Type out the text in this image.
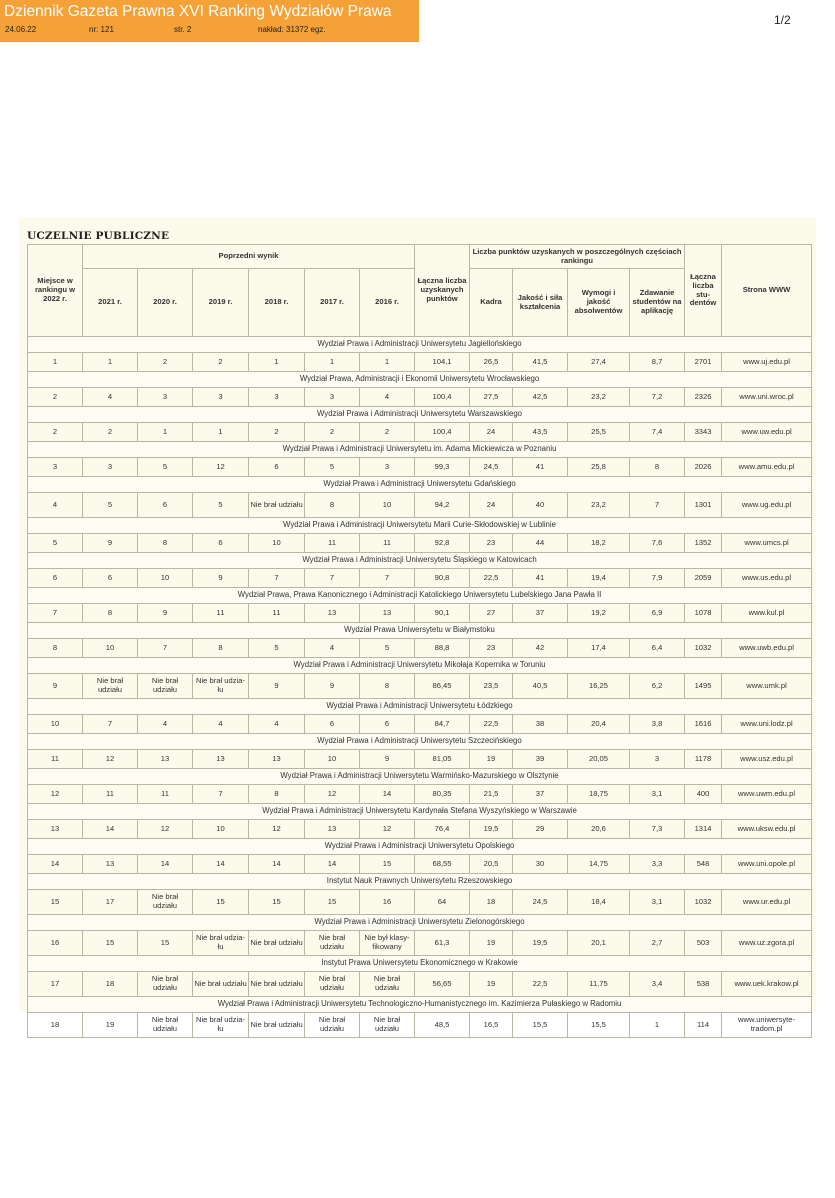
Dziennik Gazeta Prawna XVI Ranking Wydziałów Prawa
24.06.22	nr: 121	str. 2	nakład: 31372 egz.
1/2
UCZELNIE PUBLICZNE
Miejsce w rankingu w 2022 r.	Poprzedni wynik						Łączna liczba uzyskanych punktów	Liczba punktów uzyskanych w poszczególnych częściach rankingu				Łączna liczba stu-dentów	Strona WWW
	2021 r.	2020 r.	2019 r.	2018 r.	2017 r.	2016 r.		Kadra	Jakość i siła kształcenia	Wymogi i jakość absolwentów	Zdawanie studentów na aplikację		

Wydział Prawa i Administracji Uniwersytetu Jagiellońskiego													
1	1	2	2	1	1	1	104,1	26,5	41,5	27,4	8,7	2701	www.uj.edu.pl
Wydział Prawa, Administracji i Ekonomii Uniwersytetu Wrocławskiego													
2	4	3	3	3	3	4	100,4	27,5	42,5	23,2	7,2	2326	www.uni.wroc.pl
Wydział Prawa i Administracji Uniwersytetu Warszawskiego													
2	2	1	1	2	2	2	100,4	24	43,5	25,5	7,4	3343	www.uw.edu.pl
Wydział Prawa i Administracji Uniwersytetu im. Adama Mickiewicza w Poznaniu													
3	3	5	12	6	5	3	99,3	24,5	41	25,8	8	2026	www.amu.edu.pl
Wydział Prawa i Administracji Uniwersytetu Gdańskiego													
4	5	6	5	Nie brał udziału	8	10	94,2	24	40	23,2	7	1301	www.ug.edu.pl
Wydział Prawa i Administracji Uniwersytetu Marii Curie-Skłodowskiej w Lublinie													
5	9	8	6	10	11	11	92,8	23	44	18,2	7,6	1352	www.umcs.pl
Wydział Prawa i Administracji Uniwersytetu Śląskiego w Katowicach													
6	6	10	9	7	7	7	90,8	22,5	41	19,4	7,9	2059	www.us.edu.pl
Wydział Prawa, Prawa Kanonicznego i Administracji Katolickiego Uniwersytetu Lubelskiego Jana Pawła II													
7	8	9	11	11	13	13	90,1	27	37	19,2	6,9	1078	www.kul.pl
Wydział Prawa Uniwersytetu w Białymstoku													
8	10	7	8	5	4	5	88,8	23	42	17,4	6,4	1032	www.uwb.edu.pl
Wydział Prawa i Administracji Uniwersytetu Mikołaja Kopernika w Toruniu													
9	Nie brał udziału	Nie brał udziału	Nie brał udzia-łu	9	9	8	86,45	23,5	40,5	16,25	6,2	1495	www.umk.pl
Wydział Prawa i Administracji Uniwersytetu Łódzkiego													
10	7	4	4	4	6	6	84,7	22,5	38	20,4	3,8	1616	www.uni.lodz.pl
Wydział Prawa i Administracji Uniwersytetu Szczecińskiego													
11	12	13	13	13	10	9	81,05	19	39	20,05	3	1178	www.usz.edu.pl
Wydział Prawa i Administracji Uniwersytetu Warmińsko-Mazurskiego w Olsztynie													
12	11	11	7	8	12	14	80,35	21,5	37	18,75	3,1	400	www.uwm.edu.pl
Wydział Prawa i Administracji Uniwersytetu Kardynała Stefana Wyszyńskiego w Warszawie													
13	14	12	10	12	13	12	76,4	19,5	29	20,6	7,3	1314	www.uksw.edu.pl
Wydział Prawa i Administracji Uniwersytetu Opolskiego													
14	13	14	14	14	14	15	68,55	20,5	30	14,75	3,3	548	www.uni.opole.pl
Instytut Nauk Prawnych Uniwersytetu Rzeszowskiego													
15	17	Nie brał udziału	15	15	15	16	64	18	24,5	18,4	3,1	1032	www.ur.edu.pl
Wydział Prawa i Administracji Uniwersytetu Zielonogórskiego													
16	15	15	Nie brał udzia-łu	Nie brał udziału	Nie brał udziału	Nie był klasy-fikowany	61,3	19	19,5	20,1	2,7	503	www.uz.zgora.pl
Instytut Prawa Uniwersytetu Ekonomicznego w Krakowie													
17	18	Nie brał udziału	Nie brał udziału	Nie brał udziału	Nie brał udziału	Nie brał udziału	56,65	19	22,5	11,75	3,4	538	www.uek.krakow.pl
Wydział Prawa i Administracji Uniwersytetu Technologiczno-Humanistycznego im. Kazimierza Pułaskiego w Radomiu													
18	19	Nie brał udziału	Nie brał udzia-łu	Nie brał udziału	Nie brał udziału	Nie brał udziału	48,5	16,5	15,5	15,5	1	114	www.uniwersyte-tradom.pl
